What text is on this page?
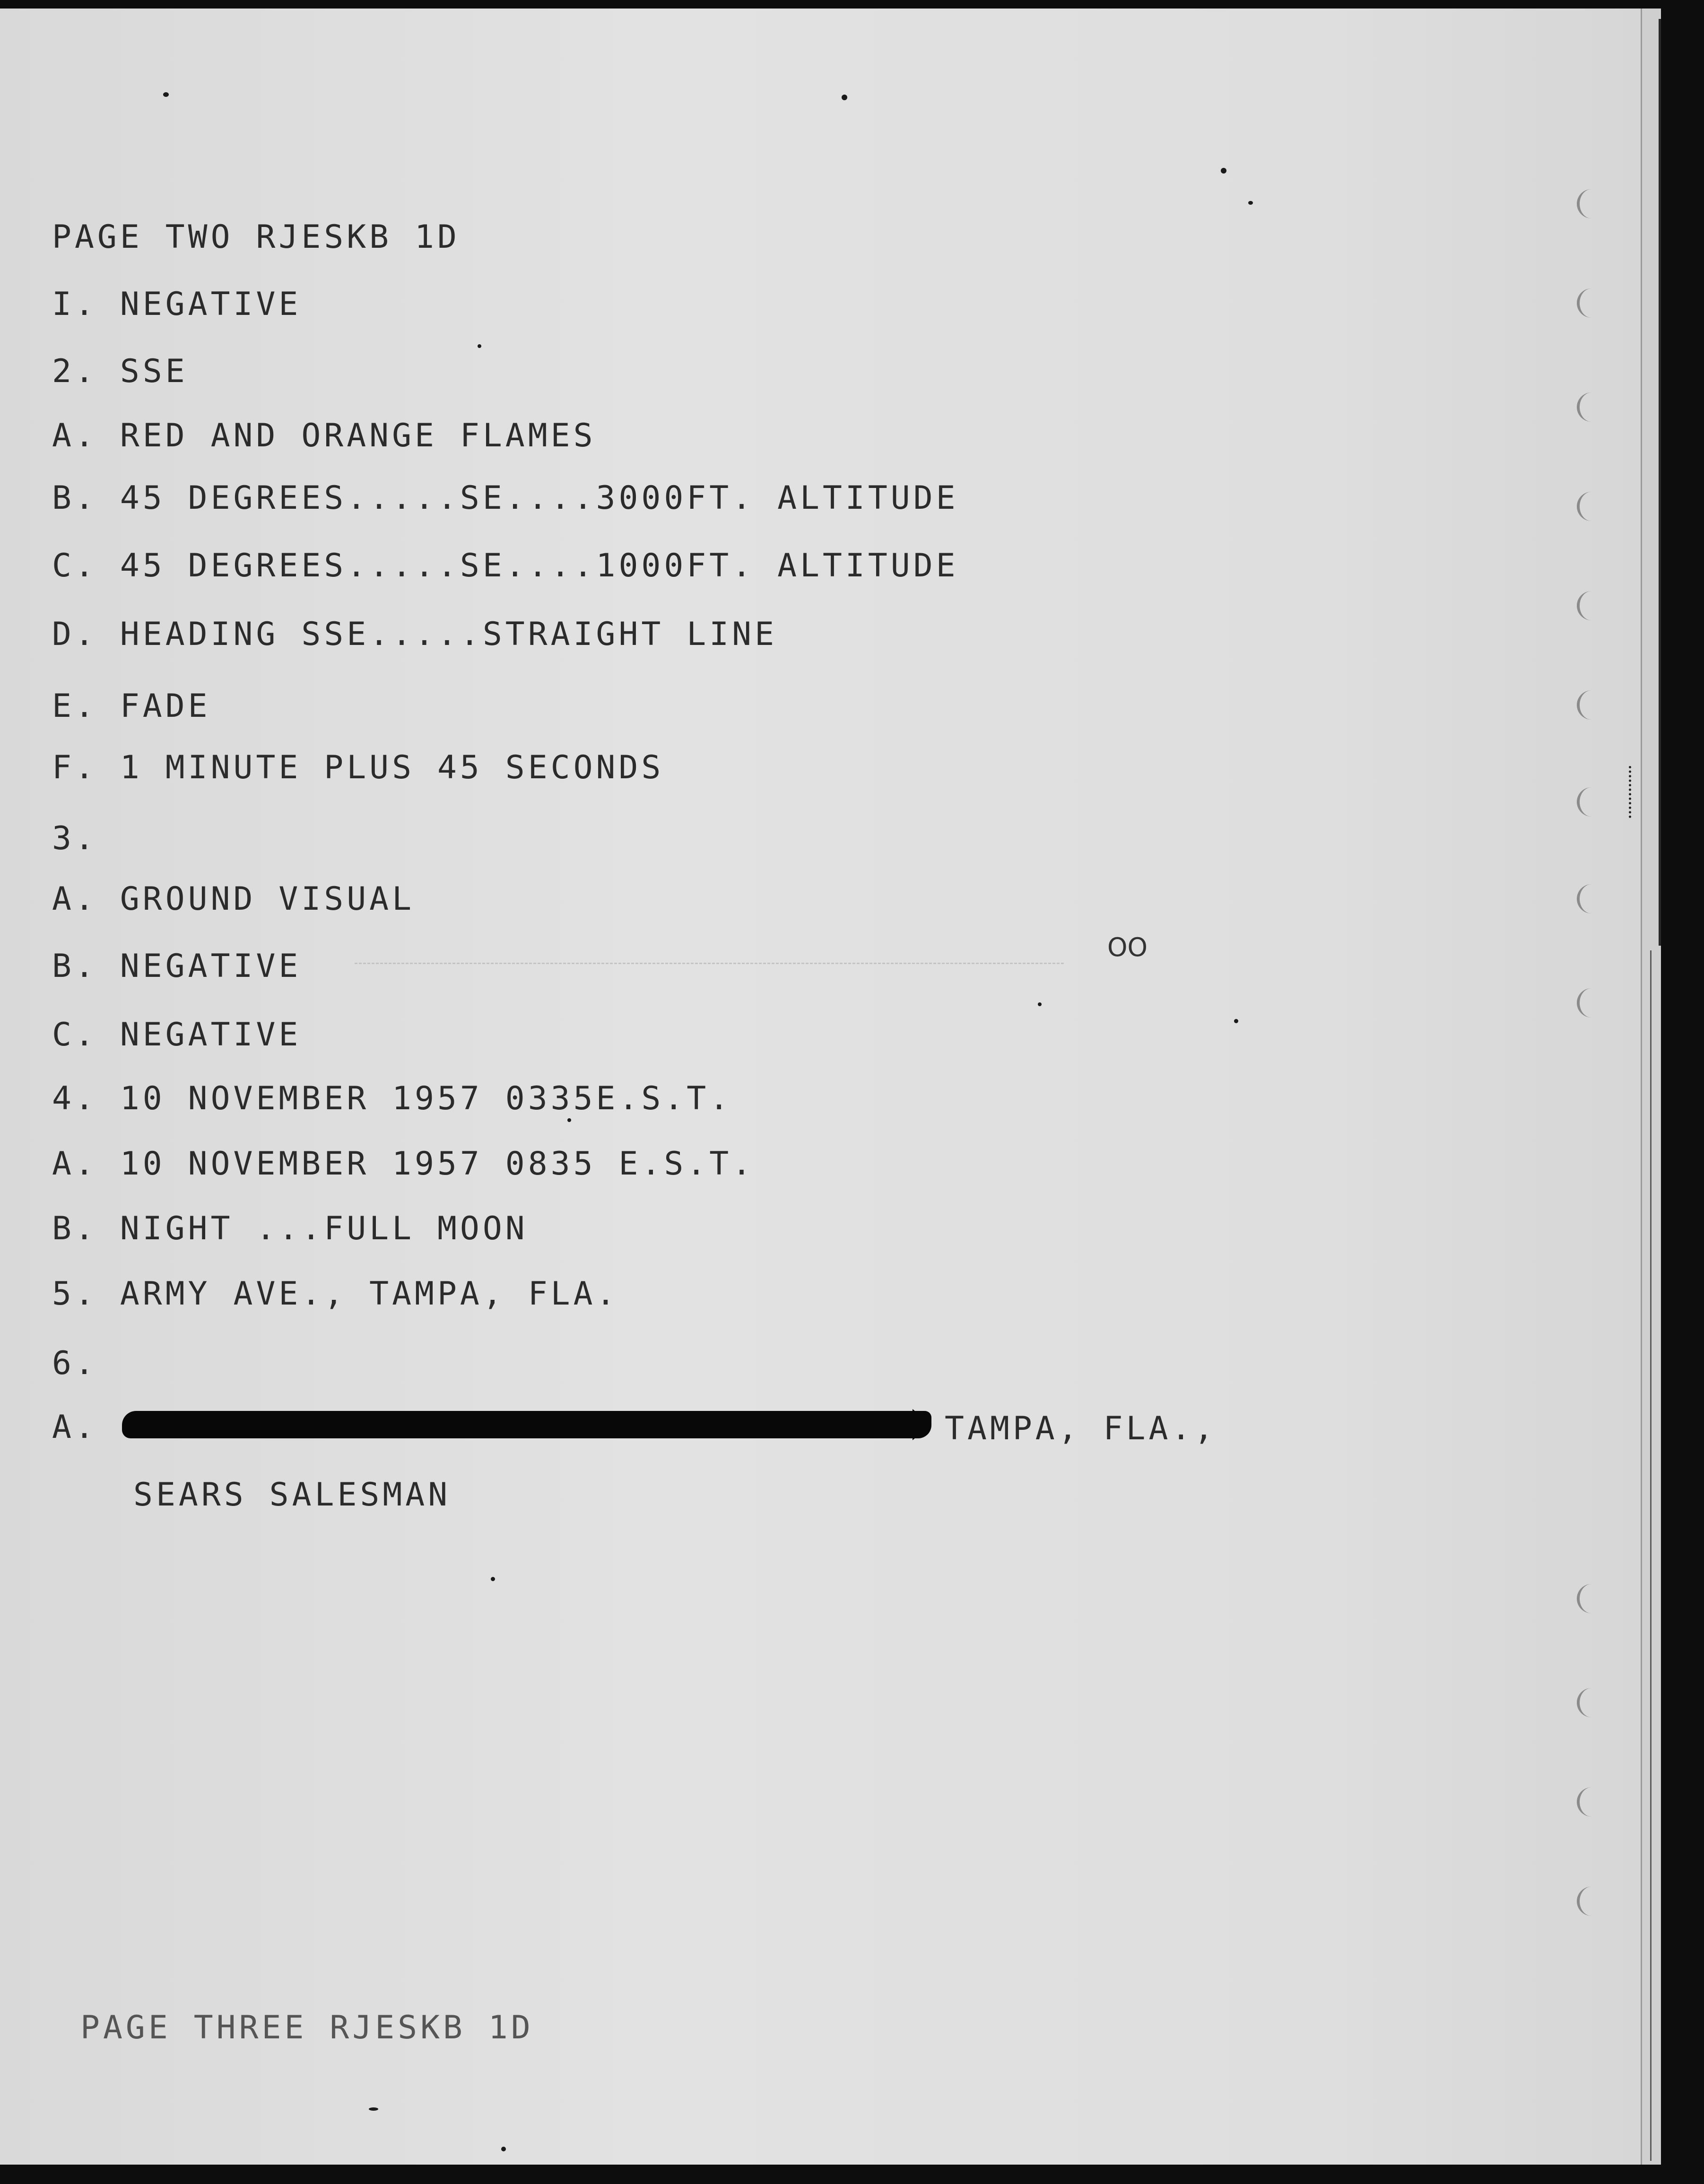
PAGE TWO RJESKB 1D
I. NEGATIVE
2. SSE
A. RED AND ORANGE FLAMES
B. 45 DEGREES.....SE....3000FT. ALTITUDE
C. 45 DEGREES.....SE....1000FT. ALTITUDE
D. HEADING SSE.....STRAIGHT LINE
E. FADE
F. 1 MINUTE PLUS 45 SECONDS
3.
A. GROUND VISUAL
B. NEGATIVE
C. NEGATIVE
4. 10 NOVEMBER 1957 0335E.S.T.
A. 10 NOVEMBER 1957 0835 E.S.T.
B. NIGHT ...FULL MOON
5. ARMY AVE., TAMPA, FLA.
6.
A.	TAMPA, FLA.,
SEARS SALESMAN
PAGE THREE RJESKB 1D
OO
